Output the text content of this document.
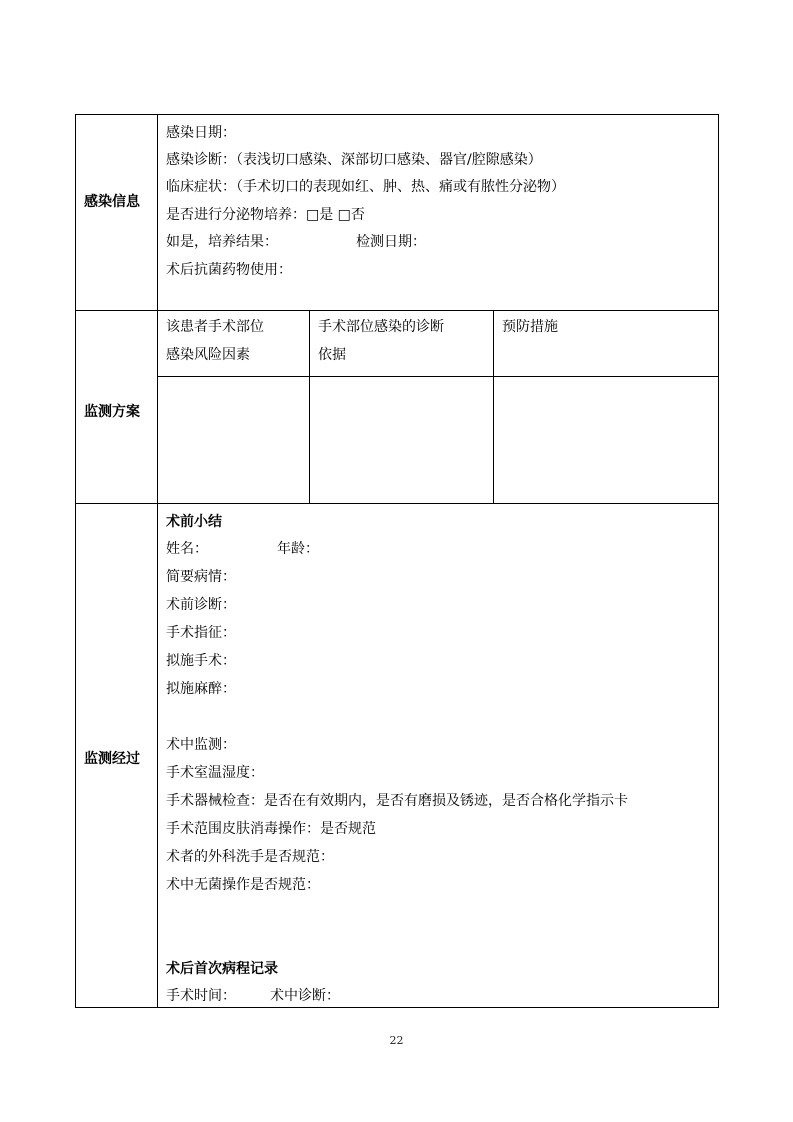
感染信息
感染日期：
感染诊断：（表浅切口感染、深部切口感染、器官/腔隙感染）
临床症状：（手术切口的表现如红、肿、热、痛或有脓性分泌物）
是否进行分泌物培养：□是 □否
如是，培养结果：	检测日期：
术后抗菌药物使用：
监测方案
该患者手术部位
感染风险因素
手术部位感染的诊断
依据
预防措施
监测经过
术前小结
姓名：	年龄：
简要病情：
术前诊断：
手术指征：
拟施手术：
拟施麻醉：
术中监测：
手术室温湿度：
手术器械检查：是否在有效期内，是否有磨损及锈迹，是否合格化学指示卡
手术范围皮肤消毒操作：是否规范
术者的外科洗手是否规范：
术中无菌操作是否规范：
术后首次病程记录
手术时间： 术中诊断：
22
